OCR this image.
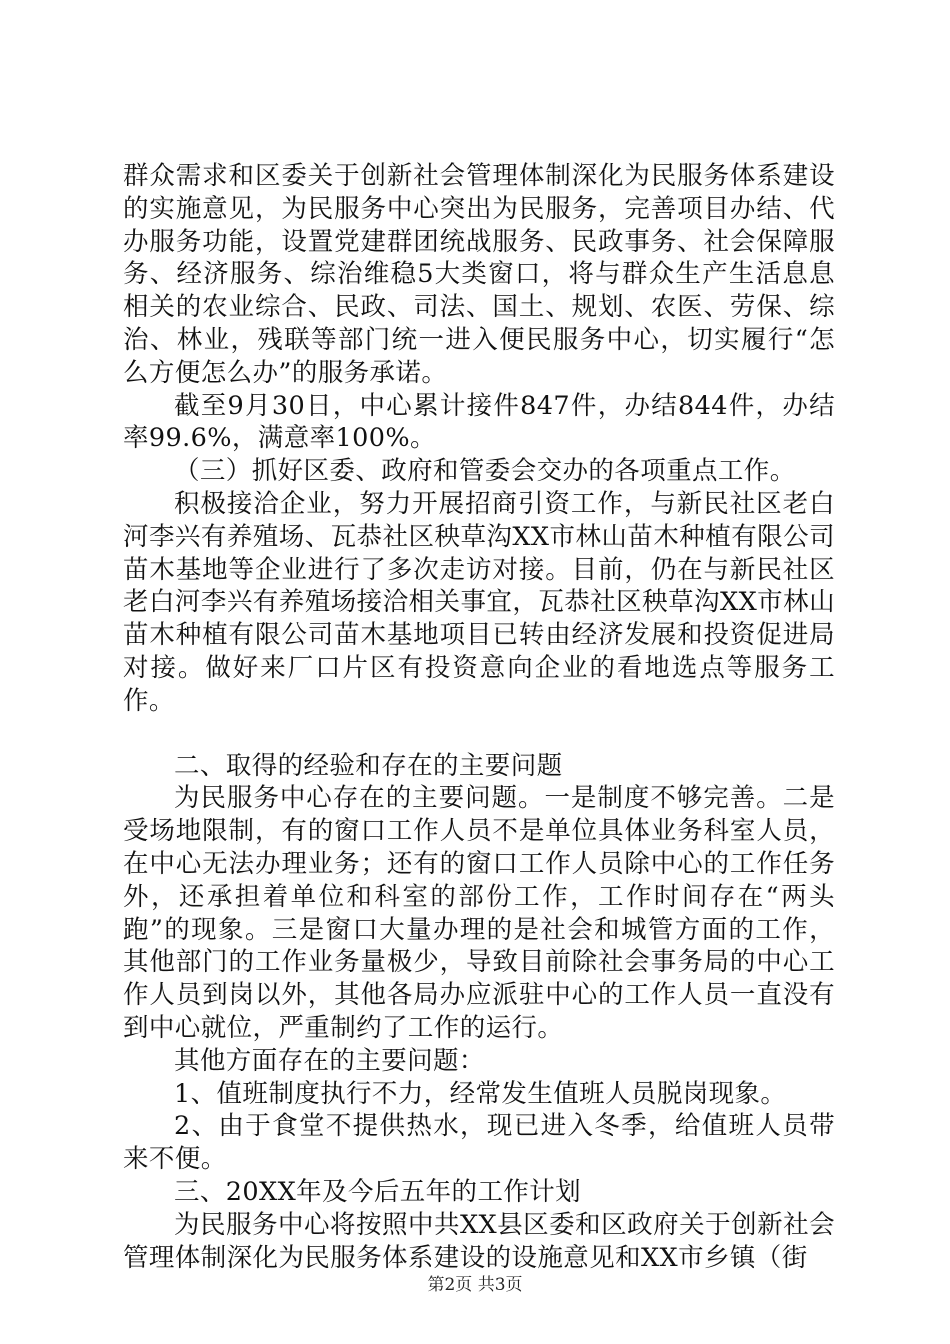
群众需求和区委关于创新社会管理体制深化为民服务体系建设的实施意见，为民服务中心突出为民服务，完善项目办结、代办服务功能，设置党建群团统战服务、民政事务、社会保障服务、经济服务、综治维稳5大类窗口，将与群众生产生活息息相关的农业综合、民政、司法、国土、规划、农医、劳保、综治、林业，残联等部门统一进入便民服务中心，切实履行“怎么方便怎么办”的服务承诺。

截至9月30日，中心累计接件847件，办结844件，办结率99.6%，满意率100%。

（三）抓好区委、政府和管委会交办的各项重点工作。

积极接洽企业，努力开展招商引资工作，与新民社区老白河李兴有养殖场、瓦恭社区秧草沟XX市林山苗木种植有限公司苗木基地等企业进行了多次走访对接。目前，仍在与新民社区老白河李兴有养殖场接洽相关事宜，瓦恭社区秧草沟XX市林山苗木种植有限公司苗木基地项目已转由经济发展和投资促进局对接。做好来厂口片区有投资意向企业的看地选点等服务工作。

二、取得的经验和存在的主要问题

为民服务中心存在的主要问题。一是制度不够完善。二是受场地限制，有的窗口工作人员不是单位具体业务科室人员，在中心无法办理业务；还有的窗口工作人员除中心的工作任务外，还承担着单位和科室的部份工作，工作时间存在“两头跑”的现象。三是窗口大量办理的是社会和城管方面的工作，其他部门的工作业务量极少，导致目前除社会事务局的中心工作人员到岗以外，其他各局办应派驻中心的工作人员一直没有到中心就位，严重制约了工作的运行。

其他方面存在的主要问题：

1、值班制度执行不力，经常发生值班人员脱岗现象。

2、由于食堂不提供热水，现已进入冬季，给值班人员带来不便。

三、20XX年及今后五年的工作计划

为民服务中心将按照中共XX县区委和区政府关于创新社会管理体制深化为民服务体系建设的设施意见和XX市乡镇（街

第2页 共3页
